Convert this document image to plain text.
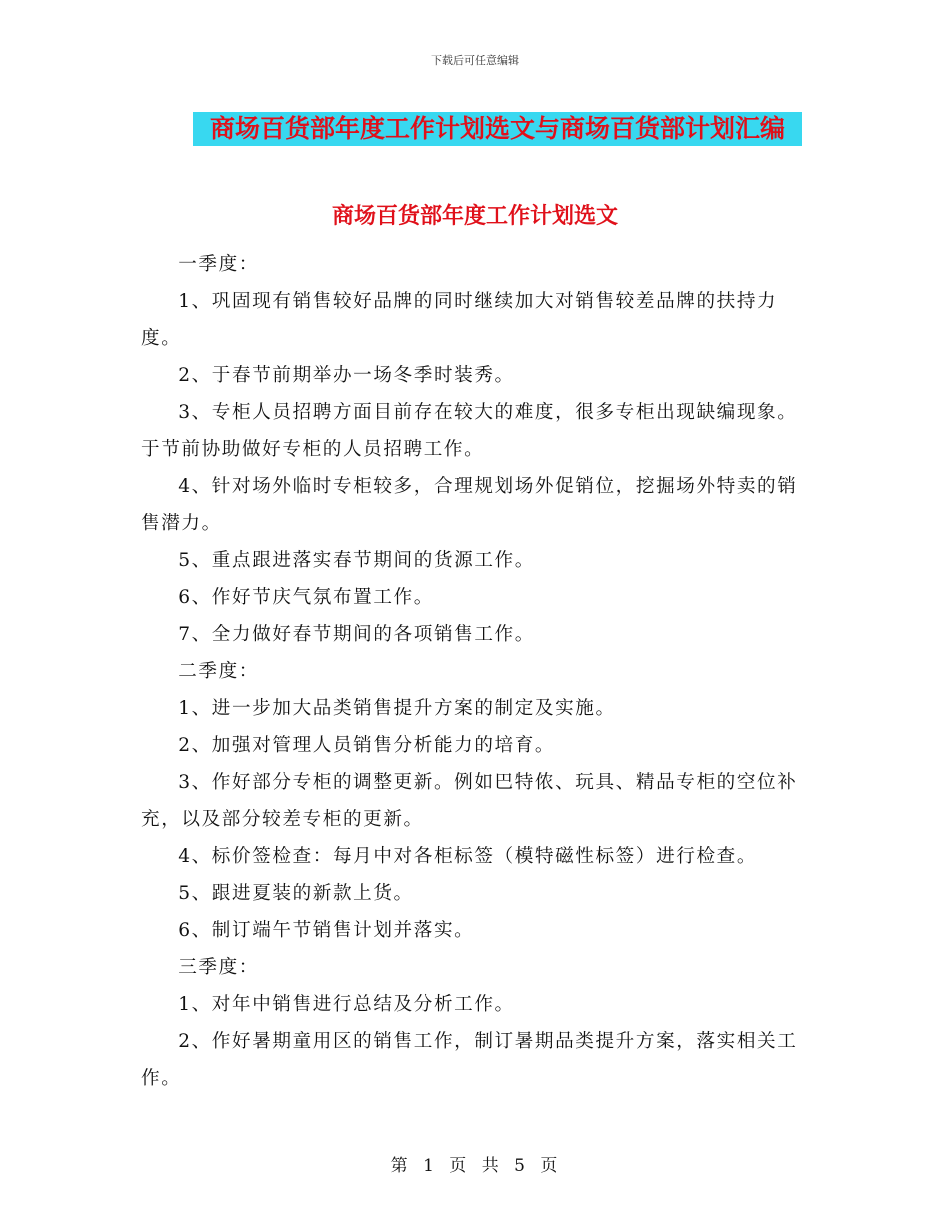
下载后可任意编辑
商场百货部年度工作计划选文与商场百货部计划汇编
商场百货部年度工作计划选文

一季度：

1、巩固现有销售较好品牌的同时继续加大对销售较差品牌的扶持力度。

2、于春节前期举办一场冬季时装秀。

3、专柜人员招聘方面目前存在较大的难度，很多专柜出现缺编现象。于节前协助做好专柜的人员招聘工作。

4、针对场外临时专柜较多，合理规划场外促销位，挖掘场外特卖的销售潜力。

5、重点跟进落实春节期间的货源工作。

6、作好节庆气氛布置工作。

7、全力做好春节期间的各项销售工作。

二季度：

1、进一步加大品类销售提升方案的制定及实施。

2、加强对管理人员销售分析能力的培育。

3、作好部分专柜的调整更新。例如巴特侬、玩具、精品专柜的空位补充，以及部分较差专柜的更新。

4、标价签检查：每月中对各柜标签（模特磁性标签）进行检查。

5、跟进夏装的新款上货。

6、制订端午节销售计划并落实。

三季度：

1、对年中销售进行总结及分析工作。

2、作好暑期童用区的销售工作，制订暑期品类提升方案，落实相关工作。

第 1 页 共 5 页
